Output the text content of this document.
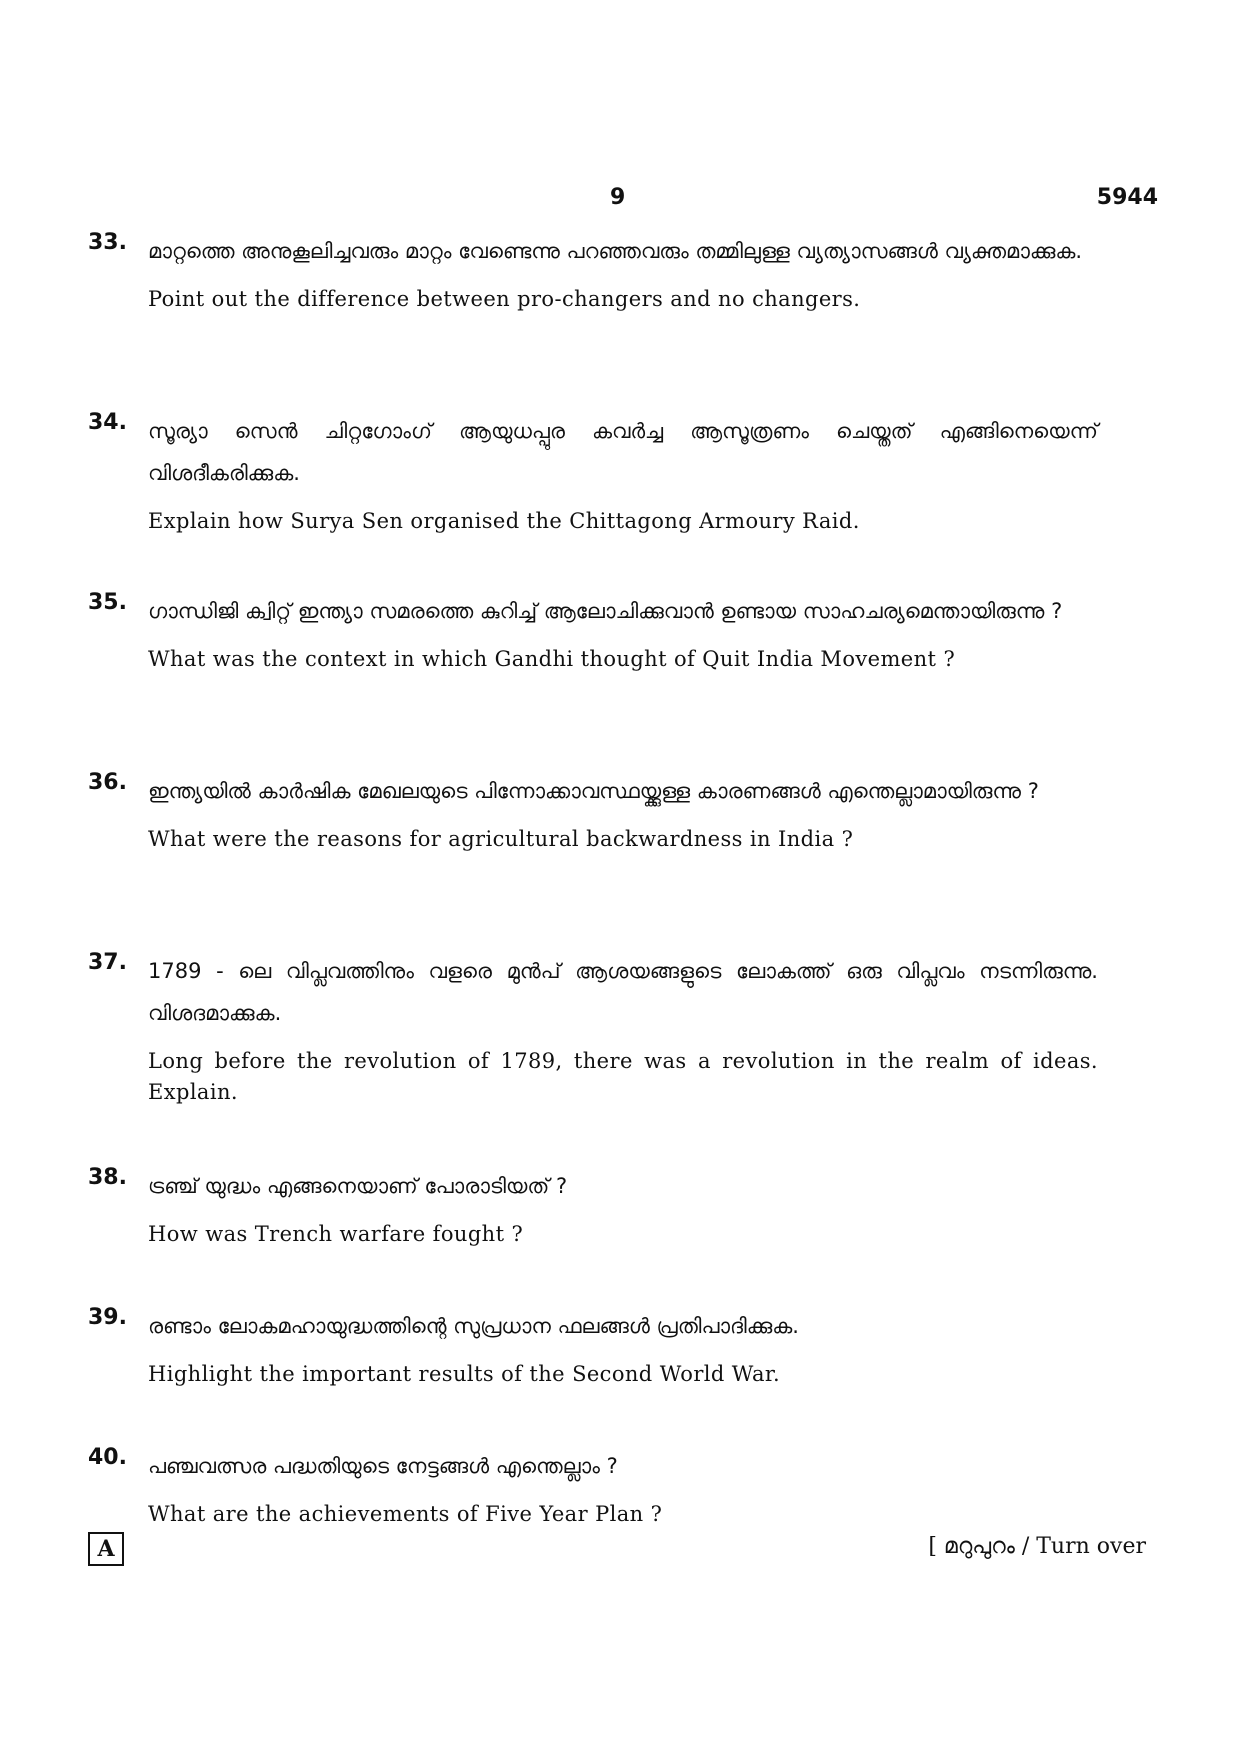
9	5944
33. മാറ്റത്തെ അനുകൂലിച്ചവരും മാറ്റം വേണ്ടെന്നു പറഞ്ഞവരും തമ്മിലുള്ള വ്യത്യാസങ്ങൾ വ്യക്തമാക്കുക.

Point out the difference between pro-changers and no changers.

34. സൂര്യാ സെൻ ചിറ്റഗോംഗ് ആയുധപ്പുര കവർച്ച ആസൂത്രണം ചെയ്തത് എങ്ങിനെയെന്ന് വിശദീകരിക്കുക.

Explain how Surya Sen organised the Chittagong Armoury Raid.

35. ഗാന്ധിജി ക്വിറ്റ് ഇന്ത്യാ സമരത്തെ കുറിച്ച് ആലോചിക്കുവാൻ ഉണ്ടായ സാഹചര്യമെന്തായിരുന്നു ?

What was the context in which Gandhi thought of Quit India Movement ?

36. ഇന്ത്യയിൽ കാർഷിക മേഖലയുടെ പിന്നോക്കാവസ്ഥയ്ക്കുള്ള കാരണങ്ങൾ എന്തെല്ലാമായിരുന്നു ?

What were the reasons for agricultural backwardness in India ?

37. 1789 - ലെ വിപ്ലവത്തിനും വളരെ മുൻപ് ആശയങ്ങളുടെ ലോകത്ത് ഒരു വിപ്ലവം നടന്നിരുന്നു. വിശദമാക്കുക.

Long before the revolution of 1789, there was a revolution in the realm of ideas. Explain.

38. ട്രഞ്ച് യുദ്ധം എങ്ങനെയാണ് പോരാടിയത് ?

How was Trench warfare fought ?

39. രണ്ടാം ലോകമഹായുദ്ധത്തിന്റെ സുപ്രധാന ഫലങ്ങൾ പ്രതിപാദിക്കുക.

Highlight the important results of the Second World War.

40. പഞ്ചവത്സര പദ്ധതിയുടെ നേട്ടങ്ങൾ എന്തെല്ലാം ?

What are the achievements of Five Year Plan ?

A	[ മറുപുറം / Turn over
